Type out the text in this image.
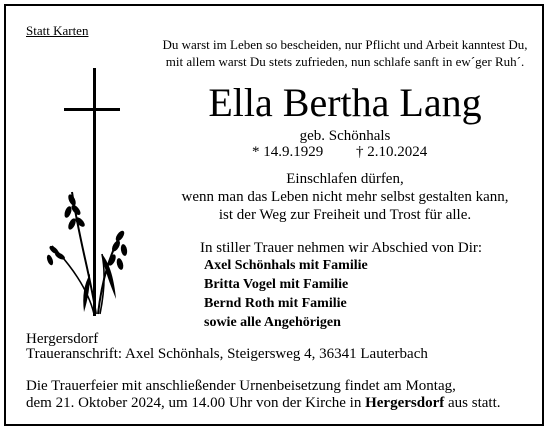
Statt Karten
Du warst im Leben so bescheiden, nur Pflicht und Arbeit kanntest Du,
mit allem warst Du stets zufrieden, nun schlafe sanft in ew´ger Ruh´.
Ella Bertha Lang
geb. Schönhals
* 14.9.1929 † 2.10.2024
Einschlafen dürfen,
wenn man das Leben nicht mehr selbst gestalten kann,
ist der Weg zur Freiheit und Trost für alle.
In stiller Trauer nehmen wir Abschied von Dir:
Axel Schönhals mit Familie
Britta Vogel mit Familie
Bernd Roth mit Familie
sowie alle Angehörigen
Hergersdorf
Traueranschrift: Axel Schönhals, Steigersweg 4, 36341 Lauterbach
Die Trauerfeier mit anschließender Urnenbeisetzung findet am Montag,
dem 21. Oktober 2024, um 14.00 Uhr von der Kirche in Hergersdorf aus statt.
